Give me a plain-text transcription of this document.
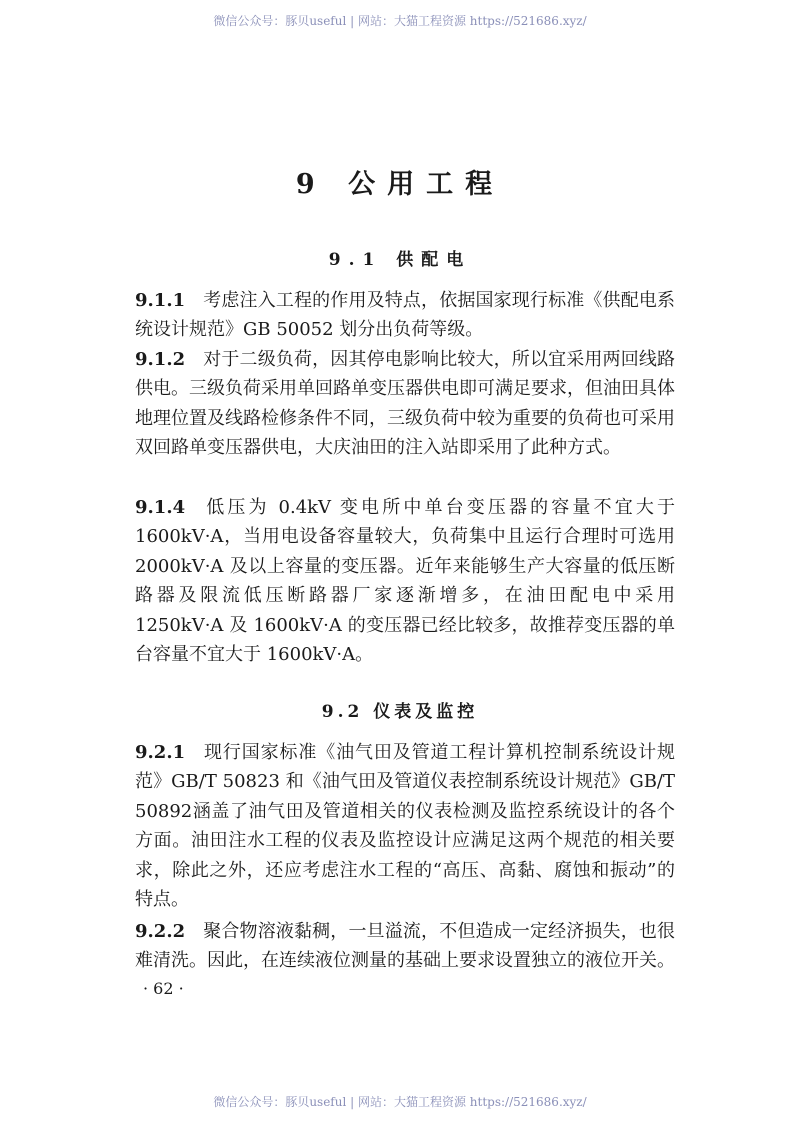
微信公众号：豚贝useful | 网站：大猫工程资源 https://521686.xyz/
9 公用工程
9.1 供配电
9.1.1 考虑注入工程的作用及特点，依据国家现行标准《供配电系统设计规范》GB 50052 划分出负荷等级。
9.1.2 对于二级负荷，因其停电影响比较大，所以宜采用两回线路供电。三级负荷采用单回路单变压器供电即可满足要求，但油田具体地理位置及线路检修条件不同，三级负荷中较为重要的负荷也可采用双回路单变压器供电，大庆油田的注入站即采用了此种方式。
9.1.4 低压为 0.4kV 变电所中单台变压器的容量不宜大于 1600kV·A，当用电设备容量较大，负荷集中且运行合理时可选用 2000kV·A 及以上容量的变压器。近年来能够生产大容量的低压断路器及限流低压断路器厂家逐渐增多，在油田配电中采用 1250kV·A 及 1600kV·A 的变压器已经比较多，故推荐变压器的单台容量不宜大于 1600kV·A。
9.2 仪表及监控
9.2.1 现行国家标准《油气田及管道工程计算机控制系统设计规范》GB/T 50823 和《油气田及管道仪表控制系统设计规范》GB/T 50892涵盖了油气田及管道相关的仪表检测及监控系统设计的各个方面。油田注水工程的仪表及监控设计应满足这两个规范的相关要求，除此之外，还应考虑注水工程的“高压、高黏、腐蚀和振动”的特点。
9.2.2 聚合物溶液黏稠，一旦溢流，不但造成一定经济损失，也很难清洗。因此，在连续液位测量的基础上要求设置独立的液位开关。
· 62 ·
微信公众号：豚贝useful | 网站：大猫工程资源 https://521686.xyz/
